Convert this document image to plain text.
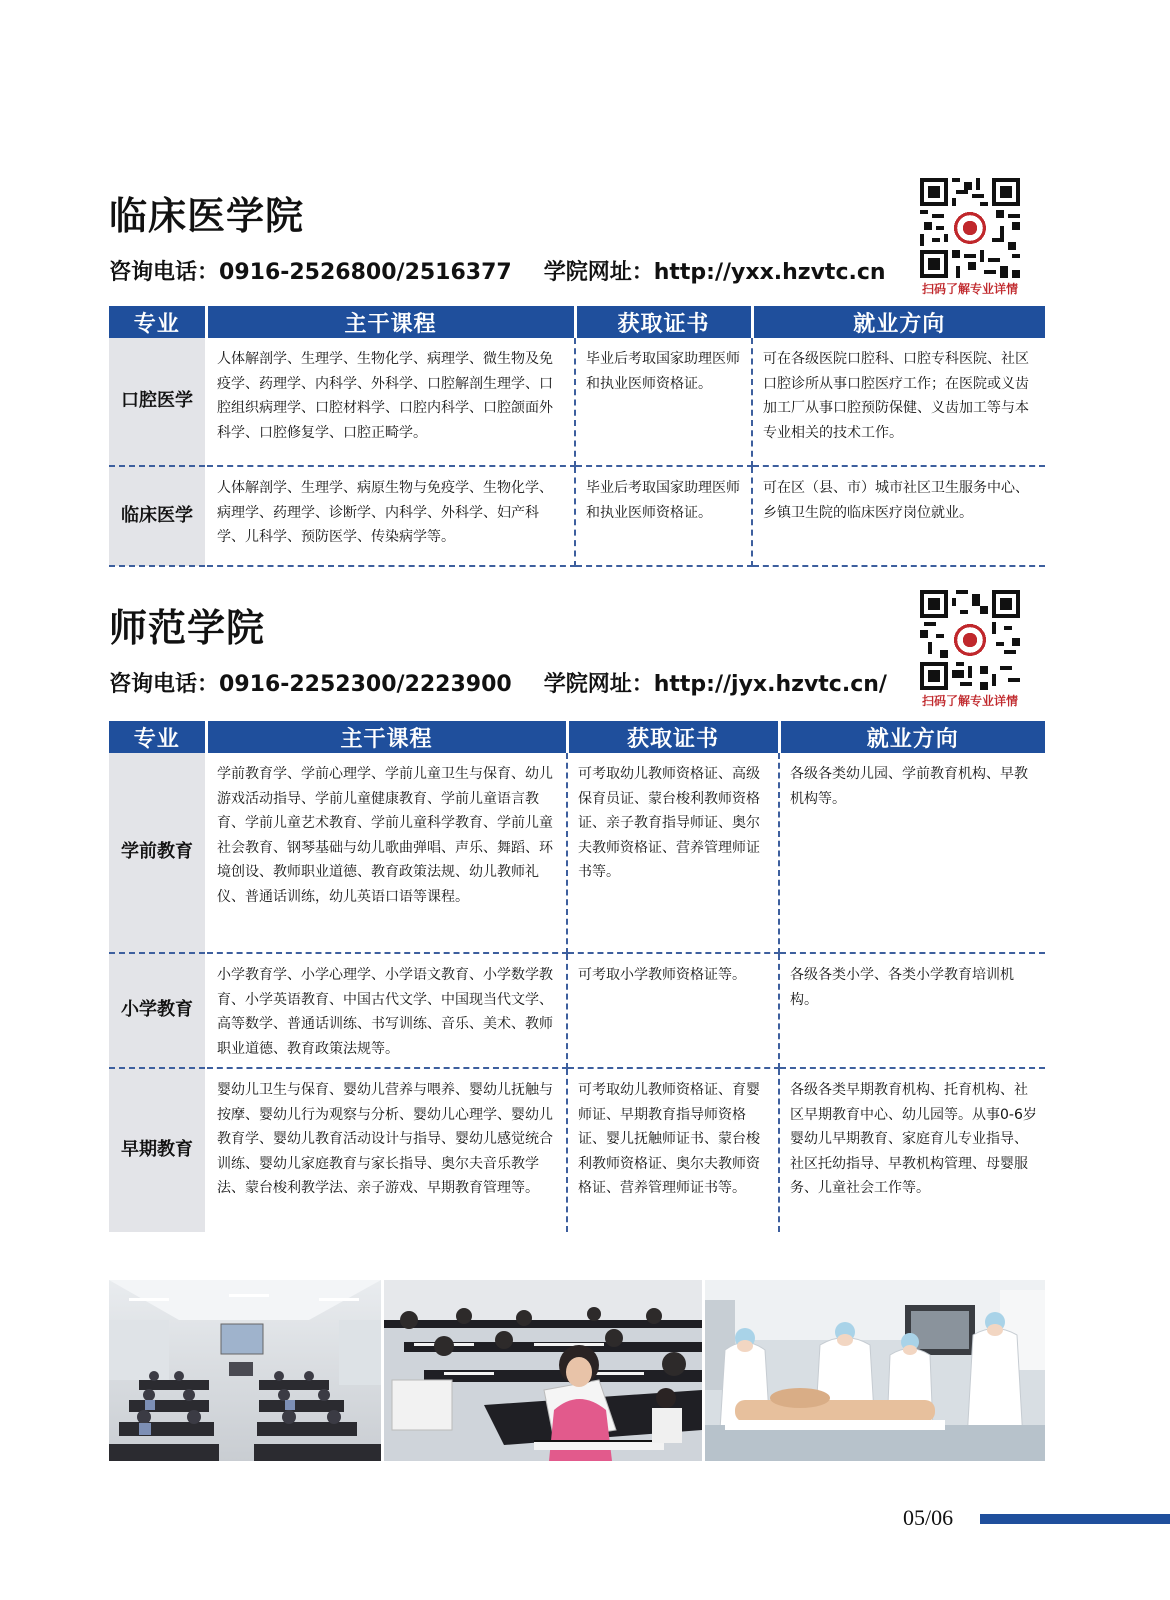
临床医学院
咨询电话：0916-2526800/2516377 学院网址：http://yxx.hzvtc.cn
扫码了解专业详情
专业	主干课程	获取证书	就业方向
口腔医学	人体解剖学、生理学、生物化学、病理学、微生物及免疫学、药理学、内科学、外科学、口腔解剖生理学、口腔组织病理学、口腔材料学、口腔内科学、口腔颌面外科学、口腔修复学、口腔正畸学。	毕业后考取国家助理医师和执业医师资格证。	可在各级医院口腔科、口腔专科医院、社区口腔诊所从事口腔医疗工作；在医院或义齿加工厂从事口腔预防保健、义齿加工等与本专业相关的技术工作。
临床医学	人体解剖学、生理学、病原生物与免疫学、生物化学、病理学、药理学、诊断学、内科学、外科学、妇产科学、儿科学、预防医学、传染病学等。	毕业后考取国家助理医师和执业医师资格证。	可在区（县、市）城市社区卫生服务中心、乡镇卫生院的临床医疗岗位就业。
师范学院
咨询电话：0916-2252300/2223900 学院网址：http://jyx.hzvtc.cn/
扫码了解专业详情
专业	主干课程	获取证书	就业方向
学前教育	学前教育学、学前心理学、学前儿童卫生与保育、幼儿游戏活动指导、学前儿童健康教育、学前儿童语言教育、学前儿童艺术教育、学前儿童科学教育、学前儿童社会教育、钢琴基础与幼儿歌曲弹唱、声乐、舞蹈、环境创设、教师职业道德、教育政策法规、幼儿教师礼仪、普通话训练，幼儿英语口语等课程。	可考取幼儿教师资格证、高级保育员证、蒙台梭利教师资格证、亲子教育指导师证、奥尔夫教师资格证、营养管理师证书等。	各级各类幼儿园、学前教育机构、早教机构等。
小学教育	小学教育学、小学心理学、小学语文教育、小学数学教育、小学英语教育、中国古代文学、中国现当代文学、高等数学、普通话训练、书写训练、音乐、美术、教师职业道德、教育政策法规等。	可考取小学教师资格证等。	各级各类小学、各类小学教育培训机构。
早期教育	婴幼儿卫生与保育、婴幼儿营养与喂养、婴幼儿抚触与按摩、婴幼儿行为观察与分析、婴幼儿心理学、婴幼儿教育学、婴幼儿教育活动设计与指导、婴幼儿感觉统合训练、婴幼儿家庭教育与家长指导、奥尔夫音乐教学法、蒙台梭利教学法、亲子游戏、早期教育管理等。	可考取幼儿教师资格证、育婴师证、早期教育指导师资格证、婴儿抚触师证书、蒙台梭利教师资格证、奥尔夫教师资格证、营养管理师证书等。	各级各类早期教育机构、托育机构、社区早期教育中心、幼儿园等。从事0-6岁婴幼儿早期教育、家庭育儿专业指导、社区托幼指导、早教机构管理、母婴服务、儿童社会工作等。
05/06
